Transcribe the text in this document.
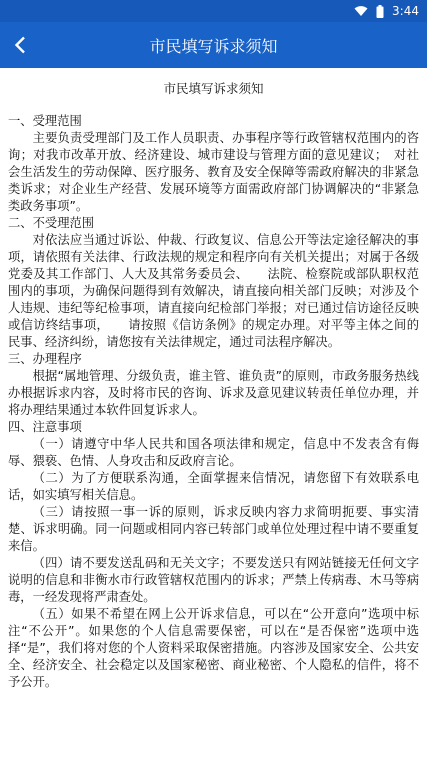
3:44
市民填写诉求须知
市民填写诉求须知

一、受理范围

主要负责受理部门及工作人员职责、办事程序等行政管辖权范围内的咨询；对我市改革开放、经济建设、城市建设与管理方面的意见建议；　对社会生活发生的劳动保障、医疗服务、教育及安全保障等需政府解决的非紧急类诉求；对企业生产经营、发展环境等方面需政府部门协调解决的“非紧急类政务事项”。

二、不受理范围

对依法应当通过诉讼、仲裁、行政复议、信息公开等法定途径解决的事项，请依照有关法律、行政法规的规定和程序向有关机关提出；对属于各级党委及其工作部门、人大及其常务委员会、　　法院、检察院或部队职权范围内的事项，为确保问题得到有效解决，请直接向相关部门反映；对涉及个人违规、违纪等纪检事项，请直接向纪检部门举报；对已通过信访途径反映或信访终结事项，　　请按照《信访条例》的规定办理。对平等主体之间的民事、经济纠纷，请您按有关法律规定，通过司法程序解决。

三、办理程序

根据“属地管理、分级负责，谁主管、谁负责”的原则，市政务服务热线办根据诉求内容，及时将市民的咨询、诉求及意见建议转责任单位办理，并将办理结果通过本软件回复诉求人。

四、注意事项

（一）请遵守中华人民共和国各项法律和规定，信息中不发表含有侮辱、猥亵、色情、人身攻击和反政府言论。

（二）为了方便联系沟通，全面掌握来信情况，请您留下有效联系电话，如实填写相关信息。

（三）请按照一事一诉的原则，诉求反映内容力求简明扼要、事实清楚、诉求明确。同一问题或相同内容已转部门或单位处理过程中请不要重复来信。

（四）请不要发送乱码和无关文字；不要发送只有网站链接无任何文字说明的信息和非衡水市行政管辖权范围内的诉求；严禁上传病毒、木马等病毒，一经发现将严肃查处。

（五）如果不希望在网上公开诉求信息，可以在“公开意向”选项中标注“不公开”。如果您的个人信息需要保密，可以在“是否保密”选项中选择“是”，我们将对您的个人资料采取保密措施。内容涉及国家安全、公共安全、经济安全、社会稳定以及国家秘密、商业秘密、个人隐私的信件，将不予公开。
